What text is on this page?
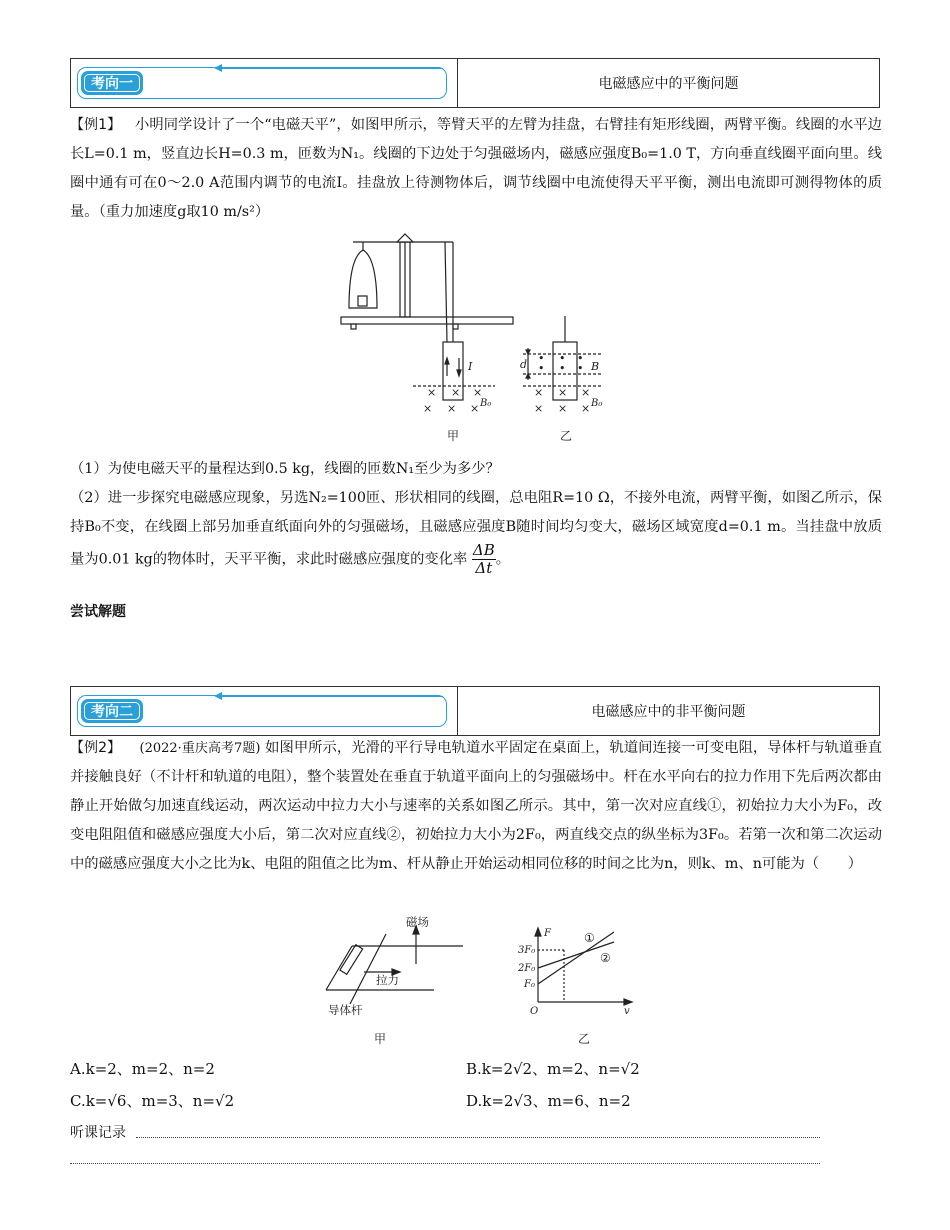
考向一	电磁感应中的平衡问题
【例1】 小明同学设计了一个“电磁天平”，如图甲所示，等臂天平的左臂为挂盘，右臂挂有矩形线圈，两臂平衡。线圈的水平边长L=0.1 m，竖直边长H=0.3 m，匝数为N₁。线圈的下边处于匀强磁场内，磁感应强度B₀=1.0 T，方向垂直线圈平面向里。线圈中通有可在0～2.0 A范围内调节的电流I。挂盘放上待测物体后，调节线圈中电流使得天平平衡，测出电流即可测得物体的质量。（重力加速度g取10 m/s²）
× × ×
× × ×
I
B₀
× × ×
× × ×
• • •
• • •
d	B
B₀
甲	乙
（1）为使电磁天平的量程达到0.5 kg，线圈的匝数N₁至少为多少？
（2）进一步探究电磁感应现象，另选N₂=100匝、形状相同的线圈，总电阻R=10 Ω，不接外电流，两臂平衡，如图乙所示，保持B₀不变，在线圈上部另加垂直纸面向外的匀强磁场，且磁感应强度B随时间均匀变大，磁场区域宽度d=0.1 m。当挂盘中放质量为0.01 kg的物体时，天平平衡，求此时磁感应强度的变化率 $\frac{\Delta B}{\Delta t}$ 。
尝试解题
考向二	电磁感应中的非平衡问题
【例2】 (2022·重庆高考7题) 如图甲所示，光滑的平行导电轨道水平固定在桌面上，轨道间连接一可变电阻，导体杆与轨道垂直并接触良好（不计杆和轨道的电阻），整个装置处在垂直于轨道平面向上的匀强磁场中。杆在水平向右的拉力作用下先后两次都由静止开始做匀加速直线运动，两次运动中拉力大小与速率的关系如图乙所示。其中，第一次对应直线①，初始拉力大小为F₀，改变电阻阻值和磁感应强度大小后，第二次对应直线②，初始拉力大小为2F₀，两直线交点的纵坐标为3F₀。若第一次和第二次运动中的磁感应强度大小之比为k、电阻的阻值之比为m、杆从静止开始运动相同位移的时间之比为n，则k、m、n可能为（　　）
磁场
拉力
导体杆
甲	乙
F
v
O
3F₀
2F₀
F₀
①
②
A.k=2、m=2、n=2	B.k=2√2、m=2、n=√2
C.k=√6、m=3、n=√2	D.k=2√3、m=6、n=2
听课记录
